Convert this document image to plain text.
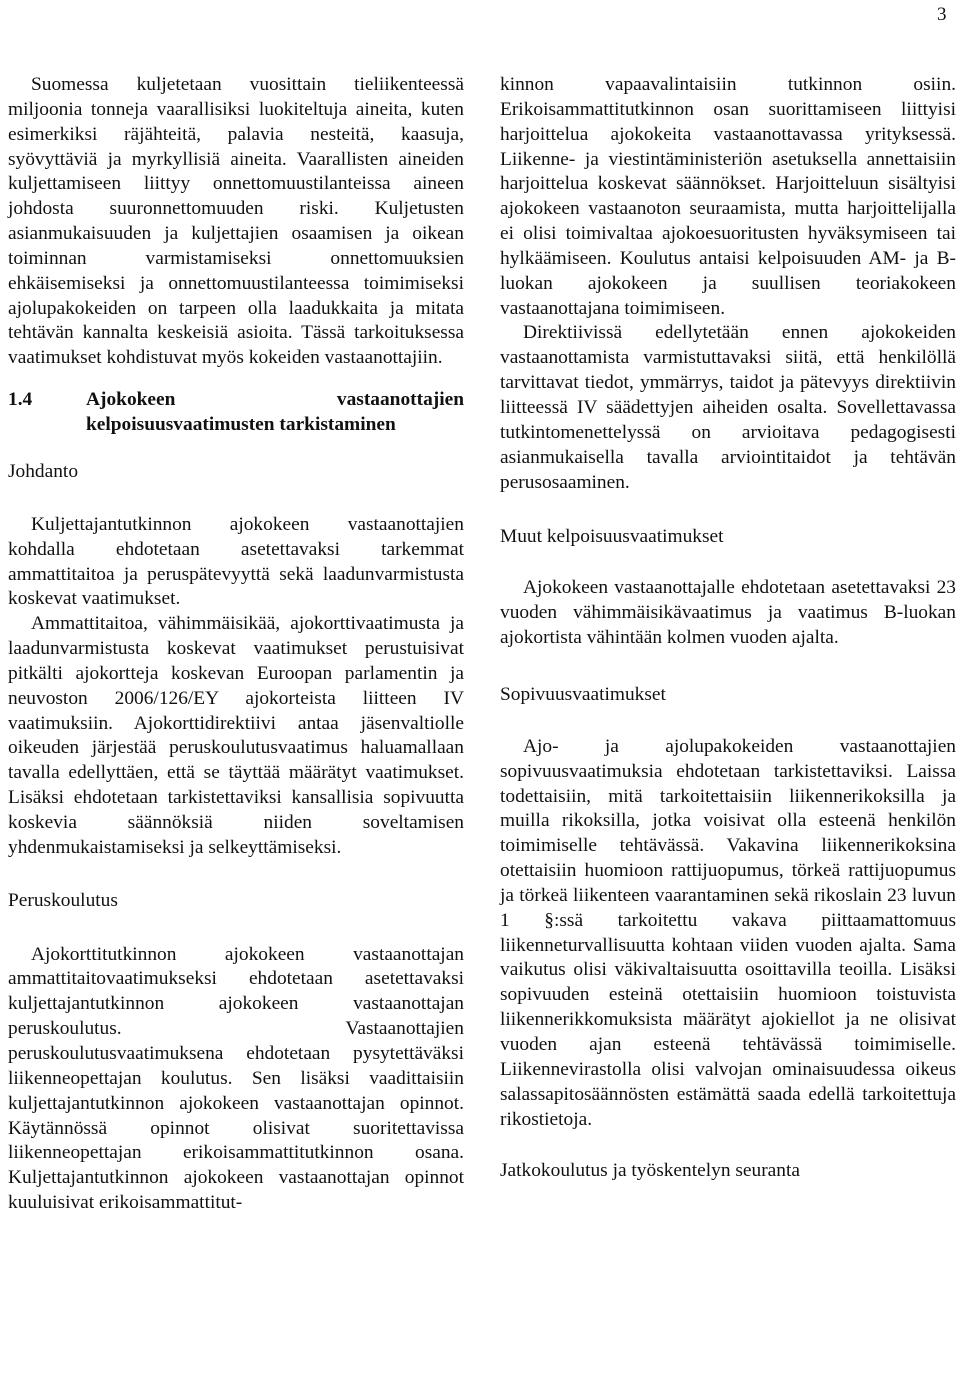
3

Suomessa kuljetetaan vuosittain tieliikenteessä miljoonia tonneja vaarallisiksi luokiteltuja aineita, kuten esimerkiksi räjähteitä, palavia nesteitä, kaasuja, syövyttäviä ja myrkyllisiä aineita. Vaarallisten aineiden kuljettamiseen liittyy onnettomuustilanteissa aineen johdosta suuronnettomuuden riski. Kuljetusten asianmukaisuuden ja kuljettajien osaamisen ja oikean toiminnan varmistamiseksi onnettomuuksien ehkäisemiseksi ja onnettomuustilanteessa toimimiseksi ajolupakokeiden on tarpeen olla laadukkaita ja mitata tehtävän kannalta keskeisiä asioita. Tässä tarkoituksessa vaatimukset kohdistuvat myös kokeiden vastaanottajiin.

1.4	Ajokokeen vastaanottajien kelpoisuusvaatimusten tarkistaminen

Johdanto

Kuljettajantutkinnon ajokokeen vastaanottajien kohdalla ehdotetaan asetettavaksi tarkemmat ammattitaitoa ja peruspätevyyttä sekä laadunvarmistusta koskevat vaatimukset.

Ammattitaitoa, vähimmäisikää, ajokorttivaatimusta ja laadunvarmistusta koskevat vaatimukset perustuisivat pitkälti ajokortteja koskevan Euroopan parlamentin ja neuvoston 2006/126/EY ajokorteista liitteen IV vaatimuksiin. Ajokorttidirektiivi antaa jäsenvaltiolle oikeuden järjestää peruskoulutusvaatimus haluamallaan tavalla edellyttäen, että se täyttää määrätyt vaatimukset. Lisäksi ehdotetaan tarkistettaviksi kansallisia sopivuutta koskevia säännöksiä niiden soveltamisen yhdenmukaistamiseksi ja selkeyttämiseksi.

Peruskoulutus

Ajokorttitutkinnon ajokokeen vastaanottajan ammattitaitovaatimukseksi ehdotetaan asetettavaksi kuljettajantutkinnon ajokokeen vastaanottajan peruskoulutus. Vastaanottajien peruskoulutusvaatimuksena ehdotetaan pysytettäväksi liikenneopettajan koulutus. Sen lisäksi vaadittaisiin kuljettajantutkinnon ajokokeen vastaanottajan opinnot. Käytännössä opinnot olisivat suoritettavissa liikenneopettajan erikoisammattitutkinnon osana. Kuljettajantutkinnon ajokokeen vastaanottajan opinnot kuuluisivat erikoisammattitut-

kinnon vapaavalintaisiin tutkinnon osiin. Erikoisammattitutkinnon osan suorittamiseen liittyisi harjoittelua ajokokeita vastaanottavassa yrityksessä. Liikenne- ja viestintäministeriön asetuksella annettaisiin harjoittelua koskevat säännökset. Harjoitteluun sisältyisi ajokokeen vastaanoton seuraamista, mutta harjoittelijalla ei olisi toimivaltaa ajokoesuoritusten hyväksymiseen tai hylkäämiseen. Koulutus antaisi kelpoisuuden AM- ja B-luokan ajokokeen ja suullisen teoriakokeen vastaanottajana toimimiseen.

Direktiivissä edellytetään ennen ajokokeiden vastaanottamista varmistuttavaksi siitä, että henkilöllä tarvittavat tiedot, ymmärrys, taidot ja pätevyys direktiivin liitteessä IV säädettyjen aiheiden osalta. Sovellettavassa tutkintomenettelyssä on arvioitava pedagogisesti asianmukaisella tavalla arviointitaidot ja tehtävän perusosaaminen.

Muut kelpoisuusvaatimukset

Ajokokeen vastaanottajalle ehdotetaan asetettavaksi 23 vuoden vähimmäisikävaatimus ja vaatimus B-luokan ajokortista vähintään kolmen vuoden ajalta.

Sopivuusvaatimukset

Ajo- ja ajolupakokeiden vastaanottajien sopivuusvaatimuksia ehdotetaan tarkistettaviksi. Laissa todettaisiin, mitä tarkoitettaisiin liikennerikoksilla ja muilla rikoksilla, jotka voisivat olla esteenä henkilön toimimiselle tehtävässä. Vakavina liikennerikoksina otettaisiin huomioon rattijuopumus, törkeä rattijuopumus ja törkeä liikenteen vaarantaminen sekä rikoslain 23 luvun 1 §:ssä tarkoitettu vakava piittaamattomuus liikenneturvallisuutta kohtaan viiden vuoden ajalta. Sama vaikutus olisi väkivaltaisuutta osoittavilla teoilla. Lisäksi sopivuuden esteinä otettaisiin huomioon toistuvista liikennerikkomuksista määrätyt ajokiellot ja ne olisivat vuoden ajan esteenä tehtävässä toimimiselle. Liikennevirastolla olisi valvojan ominaisuudessa oikeus salassapitosäännösten estämättä saada edellä tarkoitettuja rikostietoja.

Jatkokoulutus ja työskentelyn seuranta
